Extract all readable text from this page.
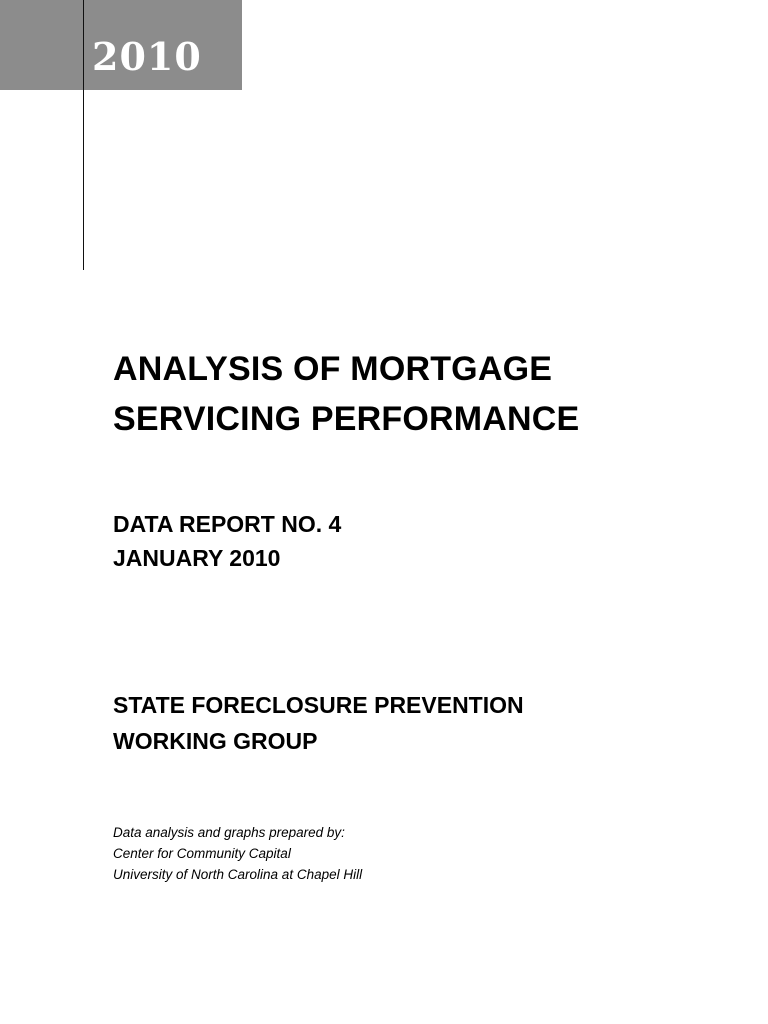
2010
ANALYSIS OF MORTGAGE
SERVICING PERFORMANCE
DATA REPORT NO. 4
JANUARY 2010
STATE FORECLOSURE PREVENTION
WORKING GROUP
Data analysis and graphs prepared by:
Center for Community Capital
University of North Carolina at Chapel Hill
